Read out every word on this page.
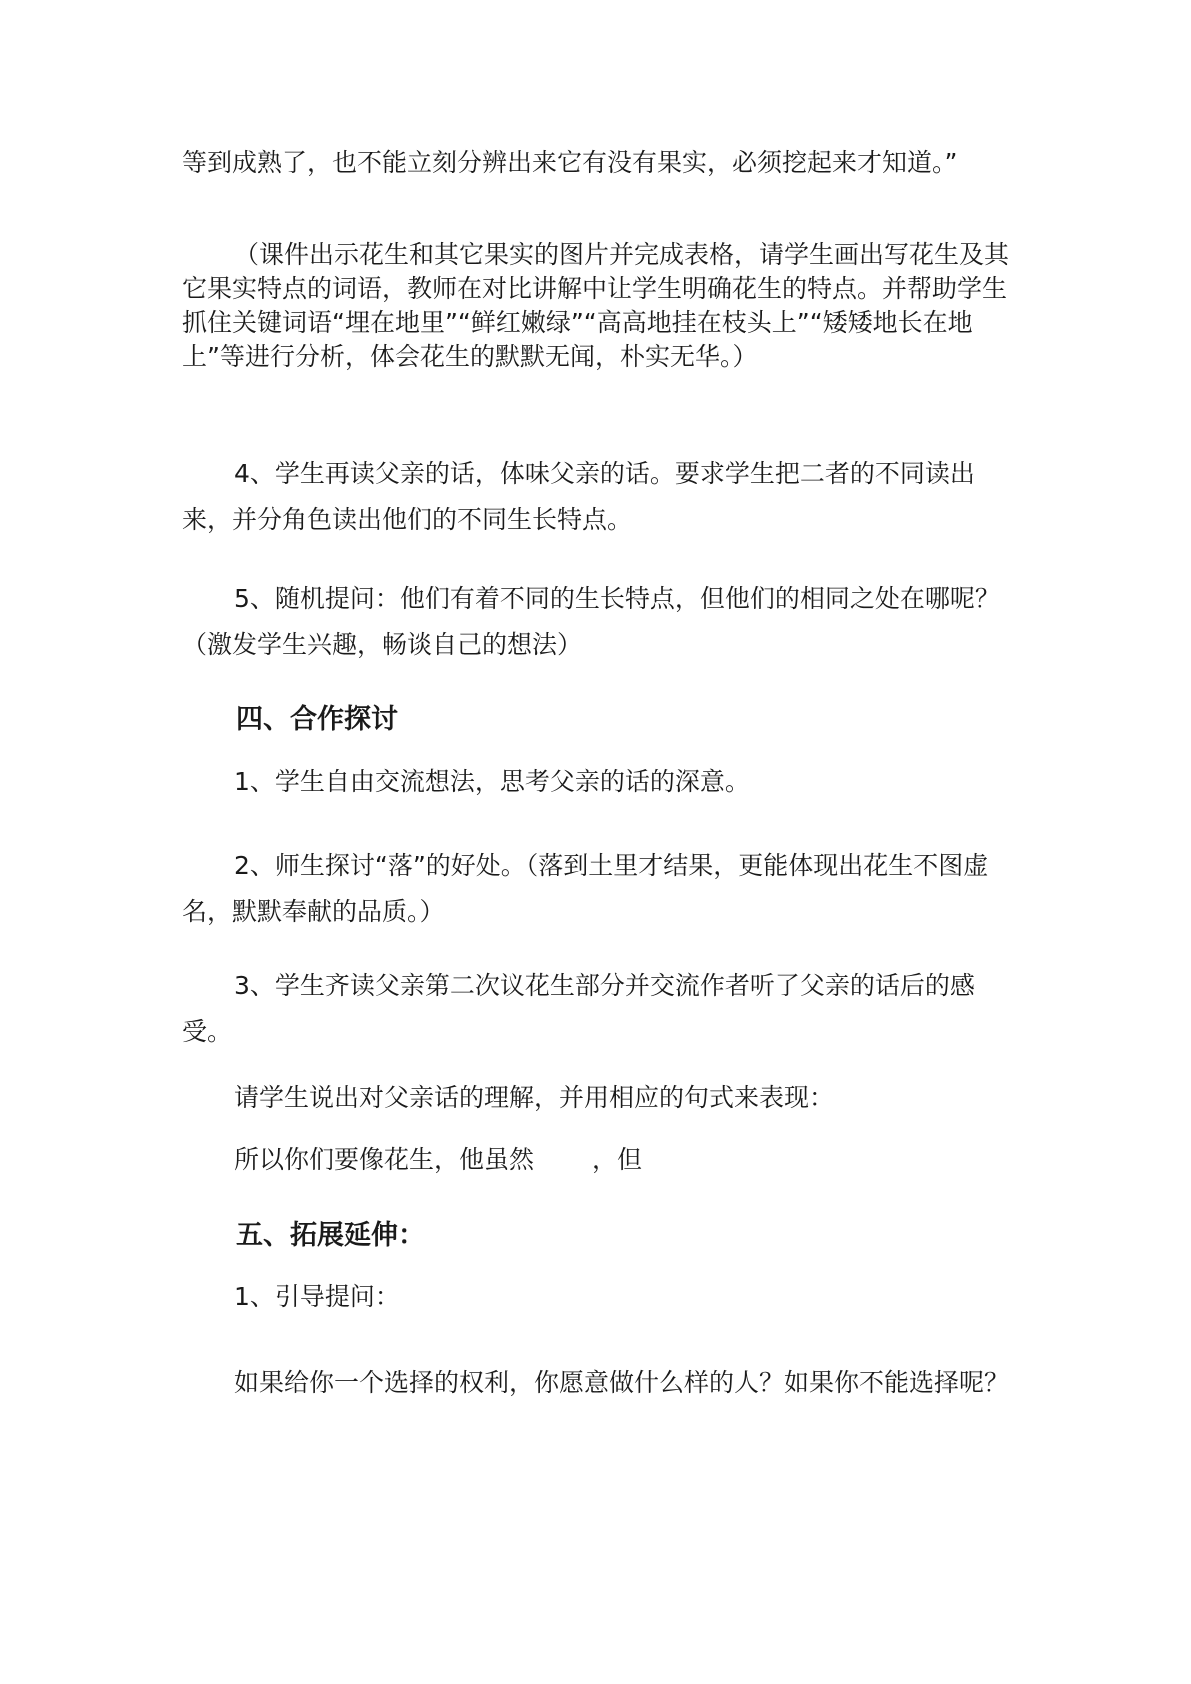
等到成熟了，也不能立刻分辨出来它有没有果实，必须挖起来才知道。”

（课件出示花生和其它果实的图片并完成表格，请学生画出写花生及其它果实特点的词语，教师在对比讲解中让学生明确花生的特点。并帮助学生抓住关键词语“埋在地里”“鲜红嫩绿”“高高地挂在枝头上”“矮矮地长在地上”等进行分析，体会花生的默默无闻，朴实无华。）

4、学生再读父亲的话，体味父亲的话。要求学生把二者的不同读出来，并分角色读出他们的不同生长特点。

5、随机提问：他们有着不同的生长特点，但他们的相同之处在哪呢？（激发学生兴趣，畅谈自己的想法）

四、合作探讨

1、学生自由交流想法，思考父亲的话的深意。

2、师生探讨“落”的好处。（落到土里才结果，更能体现出花生不图虚名，默默奉献的品质。）

3、学生齐读父亲第二次议花生部分并交流作者听了父亲的话后的感受。

请学生说出对父亲话的理解，并用相应的句式来表现：

所以你们要像花生，他虽然 ，但

五、拓展延伸：

1、引导提问：

如果给你一个选择的权利，你愿意做什么样的人？如果你不能选择呢？
